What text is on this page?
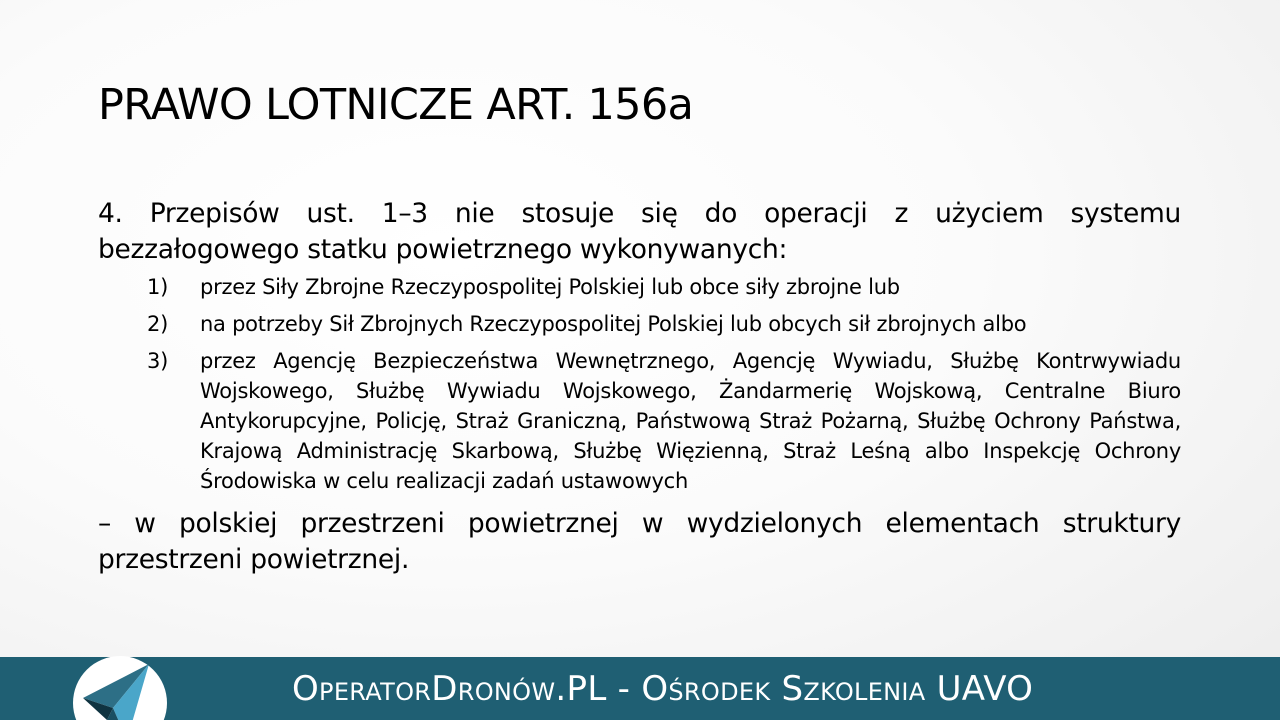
PRAWO LOTNICZE ART. 156a

4. Przepisów ust. 1–3 nie stosuje się do operacji z użyciem systemu
bezzałogowego statku powietrznego wykonywanych:

1)	przez Siły Zbrojne Rzeczypospolitej Polskiej lub obce siły zbrojne lub

2)	na potrzeby Sił Zbrojnych Rzeczypospolitej Polskiej lub obcych sił zbrojnych albo

3)	przez Agencję Bezpieczeństwa Wewnętrznego, Agencję Wywiadu, Służbę Kontrwywiadu Wojskowego, Służbę Wywiadu Wojskowego, Żandarmerię Wojskową, Centralne Biuro Antykorupcyjne, Policję, Straż Graniczną, Państwową Straż Pożarną, Służbę Ochrony Państwa, Krajową Administrację Skarbową, Służbę Więzienną, Straż Leśną albo Inspekcję Ochrony Środowiska w celu realizacji zadań ustawowych

– w polskiej przestrzeni powietrznej w wydzielonych elementach struktury przestrzeni powietrznej.

OperatorDronów.PL - Ośrodek Szkolenia UAVO
